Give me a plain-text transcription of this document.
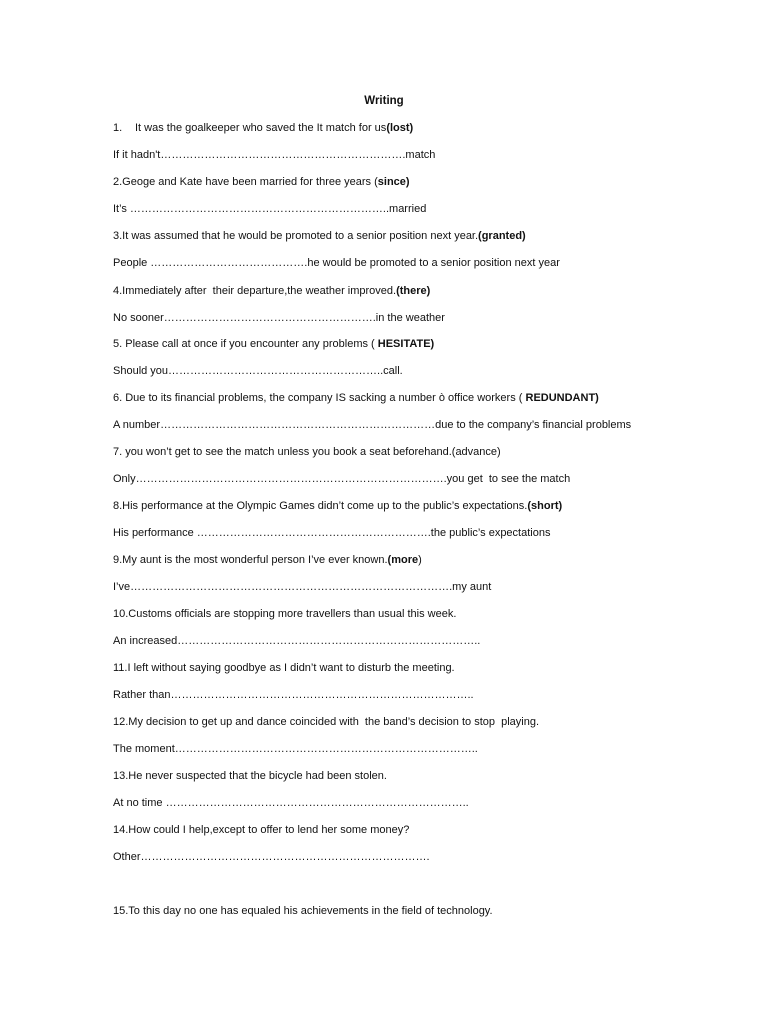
Writing
1. It was the goalkeeper who saved the It match for us(lost)
If it hadn't………………………………………………………….match
2.Geoge and Kate have been married for three years (since)
It’s ……………………………………………………………..married
3.It was assumed that he would be promoted to a senior position next year.(granted)
People …………………………………….he would be promoted to a senior position next year
4.Immediately after  their departure,the weather improved.(there)
No sooner………………………………………………….in the weather
5. Please call at once if you encounter any problems ( HESITATE)
Should you…………………………………………………..call.
6. Due to its financial problems, the company IS sacking a number ò office workers ( REDUNDANT)
A number…………………………………………………………………due to the company’s financial problems
7. you won’t get to see the match unless you book a seat beforehand.(advance)
Only………………………………………………………………………….you get  to see the match
8.His performance at the Olympic Games didn’t come up to the public’s expectations.(short)
His performance ……………………………………………………….the public’s expectations
9.My aunt is the most wonderful person I’ve ever known.(more)
I’ve…………………………………………………………………………….my aunt
10.Customs officials are stopping more travellers than usual this week.
An increased………………………………………………………………………..
11.I left without saying goodbye as I didn’t want to disturb the meeting.
Rather than………………………………………………………………………..
12.My decision to get up and dance coincided with  the band’s decision to stop  playing.
The moment………………………………………………………………………..
13.He never suspected that the bicycle had been stolen.
At no time ………………………………………………………………………..
14.How could I help,except to offer to lend her some money?
Other…………………………………………………………………….
15.To this day no one has equaled his achievements in the field of technology.
